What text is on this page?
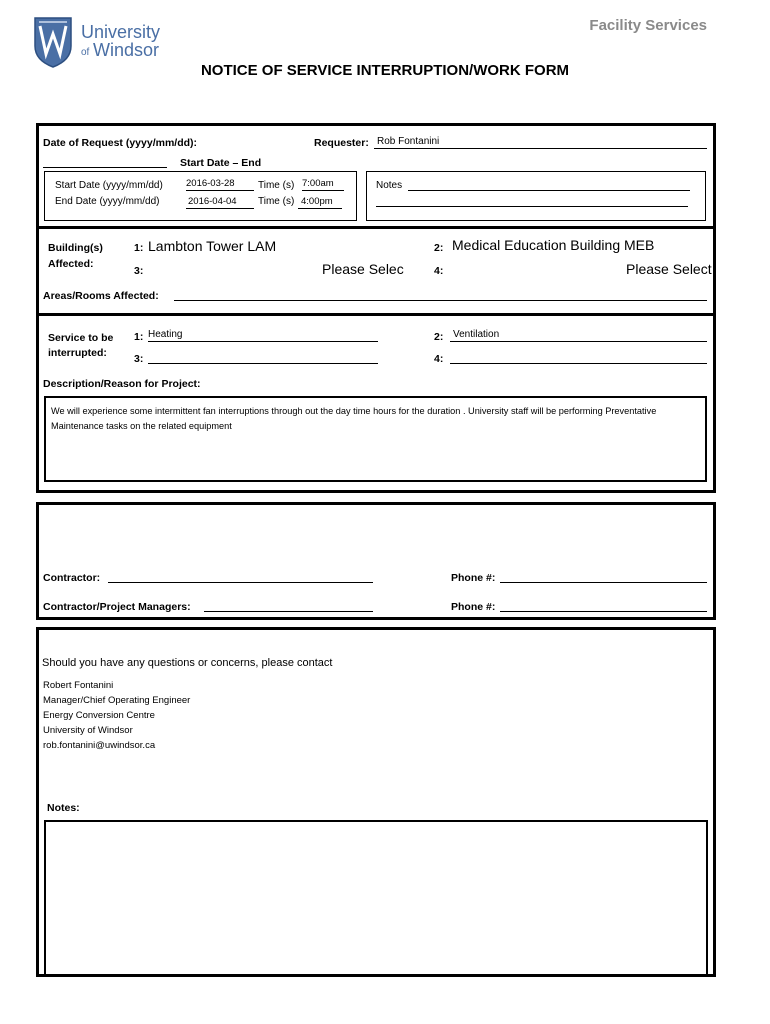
University
of Windsor
Facility Services
NOTICE OF SERVICE INTERRUPTION/WORK FORM
Date of Request (yyyy/mm/dd):	Requester: Rob Fontanini
Start Date – End
Start Date (yyyy/mm/dd) 2016-03-28	Time (s) 7:00am
End Date (yyyy/mm/dd)	2016-04-04	Time (s) 4:00pm
Notes
Building(s)
Affected:
1: Lambton Tower LAM	2: Medical Education Building MEB
3:	Please Selec	4:	Please Select
Areas/Rooms Affected:
Service to be
interrupted:
1: Heating	2: Ventilation
3:	4:
Description/Reason for Project:
We will experience some intermittent fan interruptions through out the day time hours for the duration . University staff will be performing Preventative Maintenance tasks on the related equipment
Contractor:	Phone #:
Contractor/Project Managers:	Phone #:
Should you have any questions or concerns, please contact
Robert Fontanini
Manager/Chief Operating Engineer
Energy Conversion Centre
University of Windsor
rob.fontanini@uwindsor.ca
Notes:
